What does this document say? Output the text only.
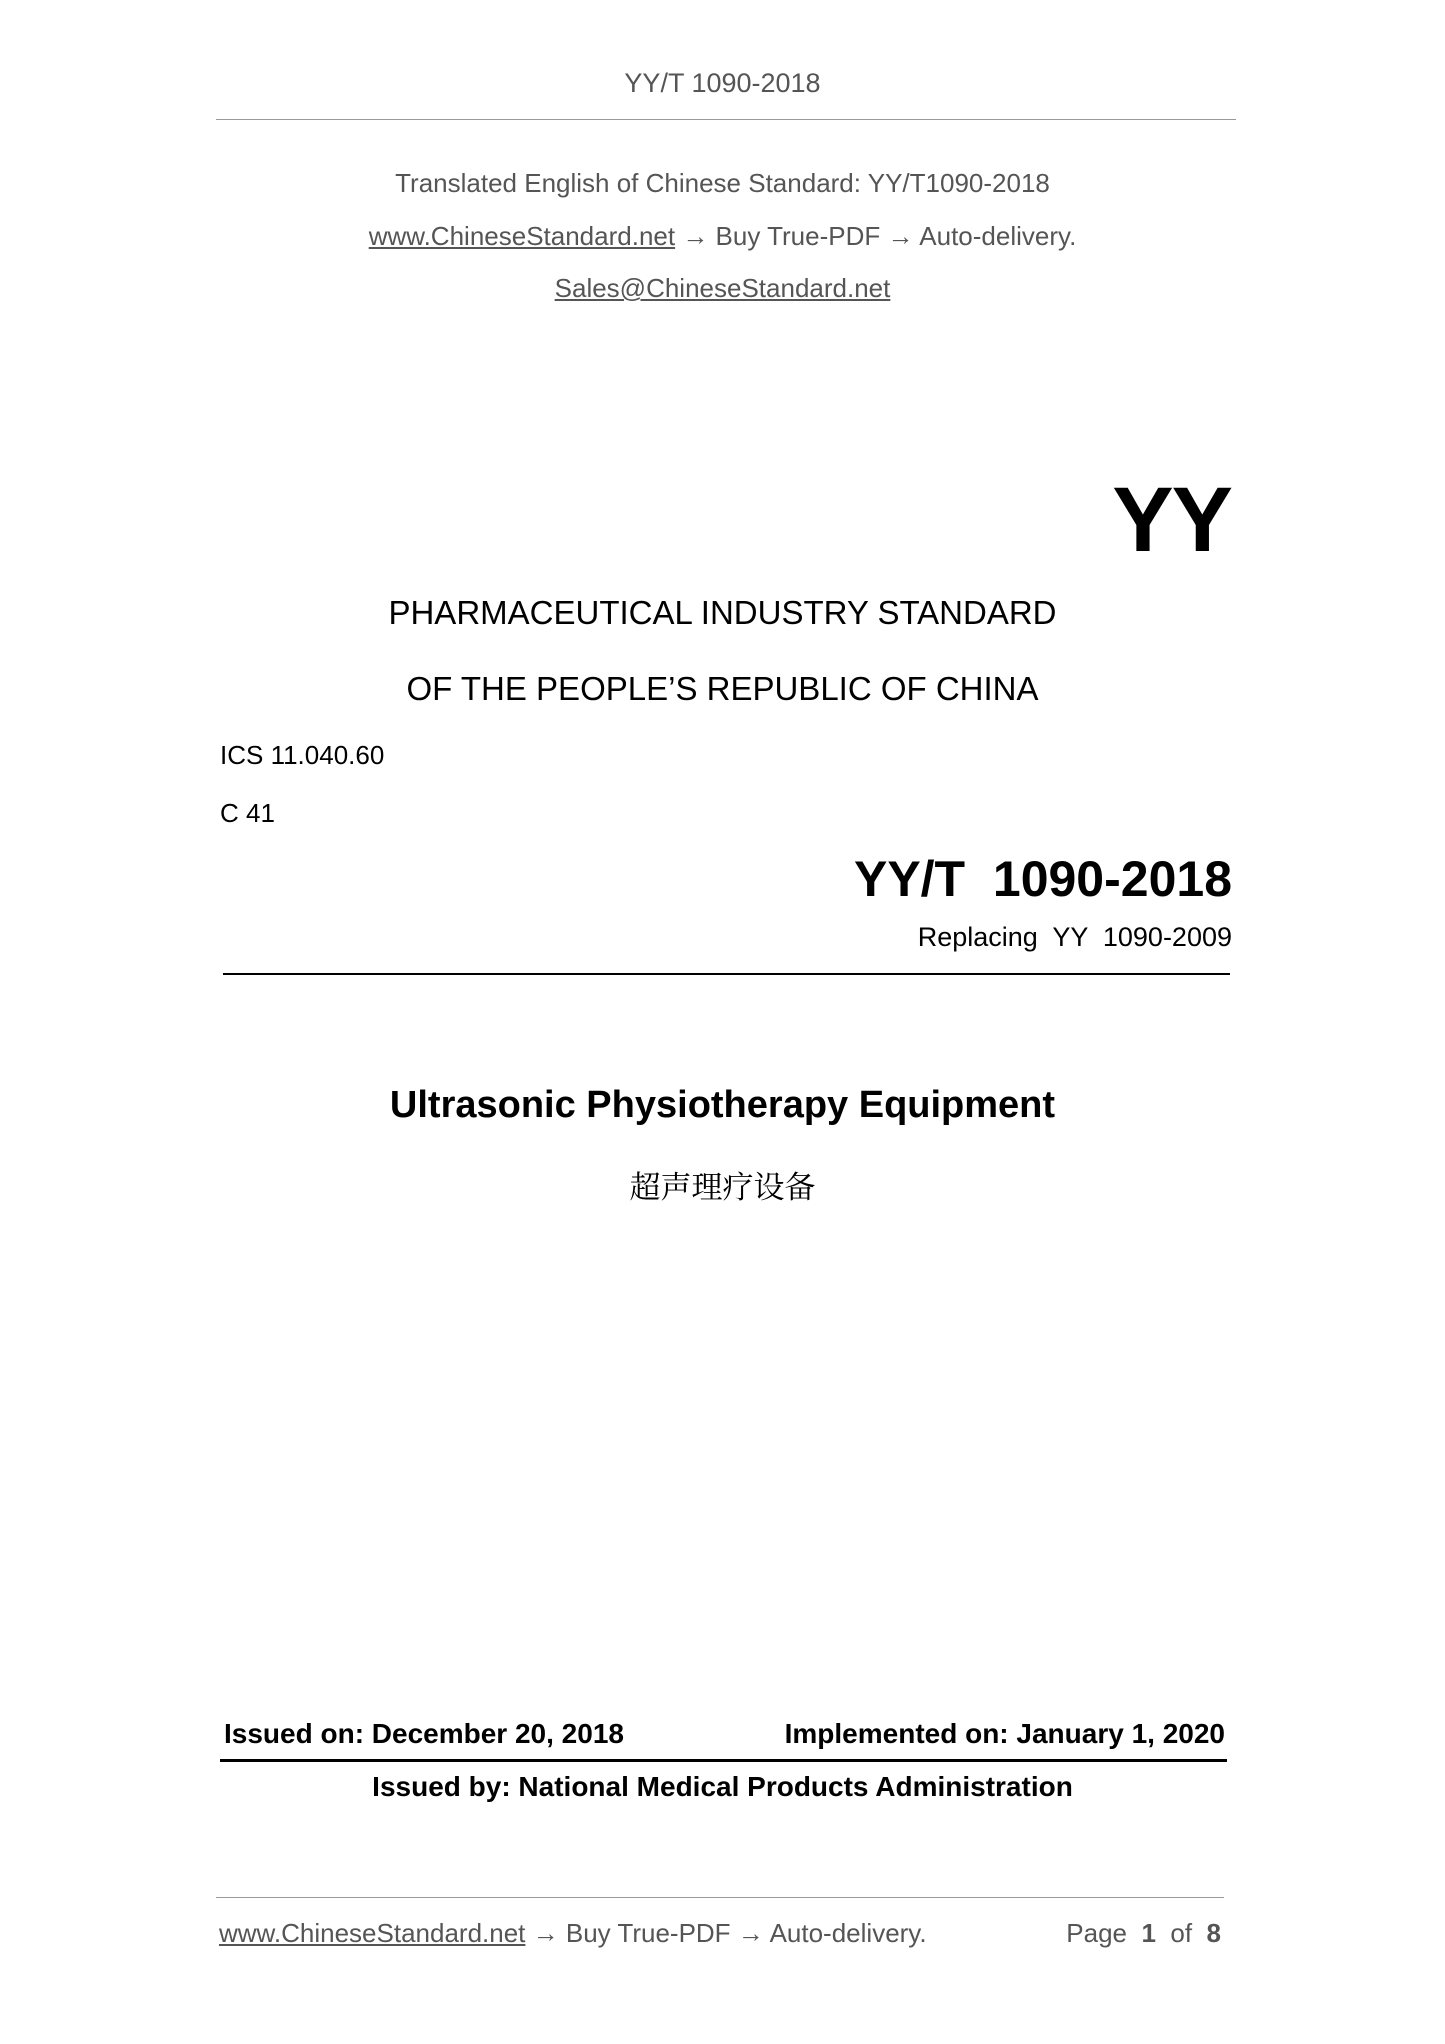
YY/T 1090-2018
Translated English of Chinese Standard: YY/T1090-2018
www.ChineseStandard.net → Buy True-PDF → Auto-delivery.
Sales@ChineseStandard.net
YY
PHARMACEUTICAL INDUSTRY STANDARD
OF THE PEOPLE’S REPUBLIC OF CHINA
ICS 11.040.60
C 41
YY/T  1090-2018
Replacing  YY  1090-2009
Ultrasonic Physiotherapy Equipment
超声理疗设备
Issued on: December 20, 2018	Implemented on: January 1, 2020
Issued by: National Medical Products Administration
www.ChineseStandard.net → Buy True-PDF → Auto-delivery.	Page 1 of 8
